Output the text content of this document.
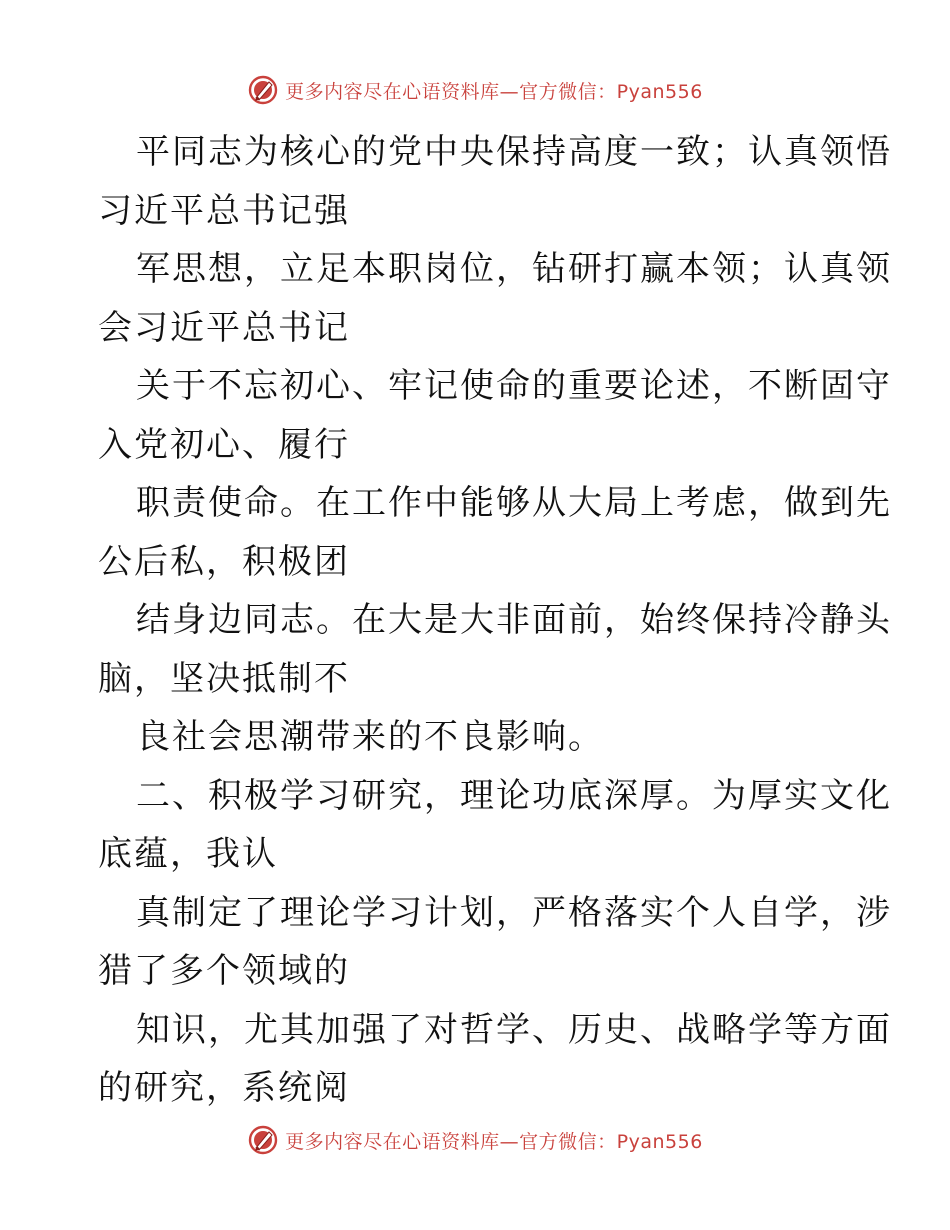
更多内容尽在心语资料库—官方微信：Pyan556
平同志为核心的党中央保持高度一致；认真领悟
习近平总书记强
军思想，立足本职岗位，钻研打赢本领；认真领
会习近平总书记
关于不忘初心、牢记使命的重要论述，不断固守
入党初心、履行
职责使命。在工作中能够从大局上考虑，做到先
公后私，积极团
结身边同志。在大是大非面前，始终保持冷静头
脑，坚决抵制不
良社会思潮带来的不良影响。
二、积极学习研究，理论功底深厚。为厚实文化
底蕴，我认
真制定了理论学习计划，严格落实个人自学，涉
猎了多个领域的
知识，尤其加强了对哲学、历史、战略学等方面
的研究，系统阅
更多内容尽在心语资料库—官方微信：Pyan556
